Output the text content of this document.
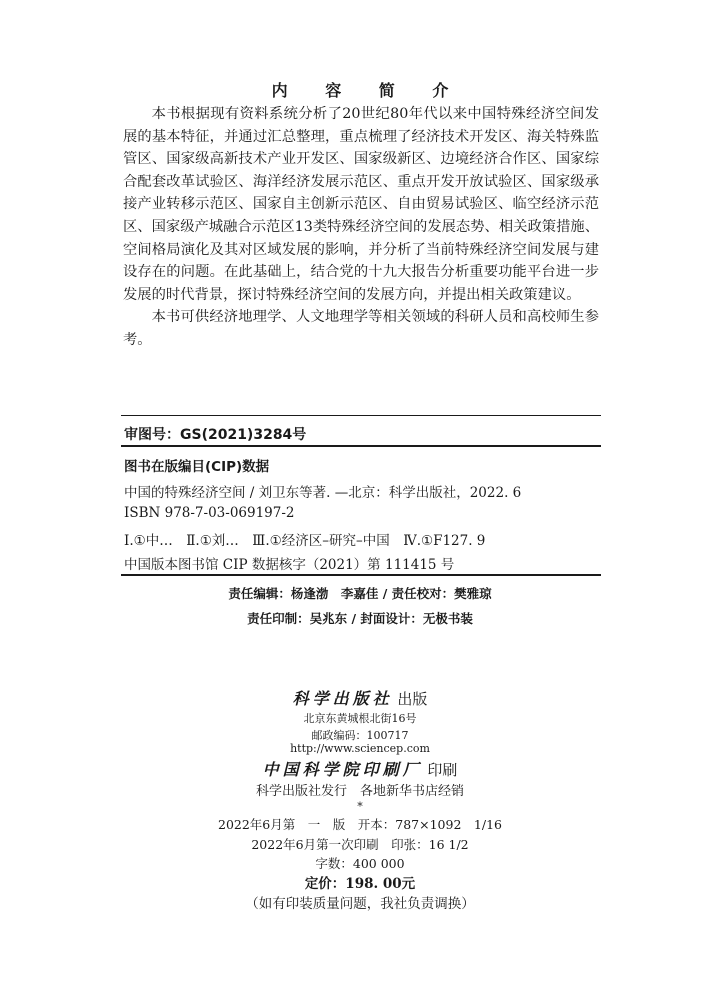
内 容 简 介

本书根据现有资料系统分析了20世纪80年代以来中国特殊经济空间发展的基本特征，并通过汇总整理，重点梳理了经济技术开发区、海关特殊监管区、国家级高新技术产业开发区、国家级新区、边境经济合作区、国家综合配套改革试验区、海洋经济发展示范区、重点开发开放试验区、国家级承接产业转移示范区、国家自主创新示范区、自由贸易试验区、临空经济示范区、国家级产城融合示范区13类特殊经济空间的发展态势、相关政策措施、空间格局演化及其对区域发展的影响，并分析了当前特殊经济空间发展与建设存在的问题。在此基础上，结合党的十九大报告分析重要功能平台进一步发展的时代背景，探讨特殊经济空间的发展方向，并提出相关政策建议。

本书可供经济地理学、人文地理学等相关领域的科研人员和高校师生参考。

审图号：GS(2021)3284号
图书在版编目(CIP)数据
中国的特殊经济空间 / 刘卫东等著. —北京：科学出版社，2022. 6
ISBN 978-7-03-069197-2
Ⅰ.①中…　Ⅱ.①刘…　Ⅲ.①经济区–研究–中国　Ⅳ.①F127. 9
中国版本图书馆 CIP 数据核字（2021）第 111415 号
责任编辑：杨逢渤　李嘉佳 / 责任校对：樊雅琼
责任印制：吴兆东 / 封面设计：无极书装
科学出版社 出版
北京东黄城根北街16号
邮政编码：100717
http://www.sciencep.com
中国科学院印刷厂 印刷
科学出版社发行　各地新华书店经销
*
2022年6月第　一　版　开本：787×1092　1/16
2022年6月第一次印刷　印张：16 1/2
字数：400 000
定价：198. 00元
（如有印装质量问题，我社负责调换）
